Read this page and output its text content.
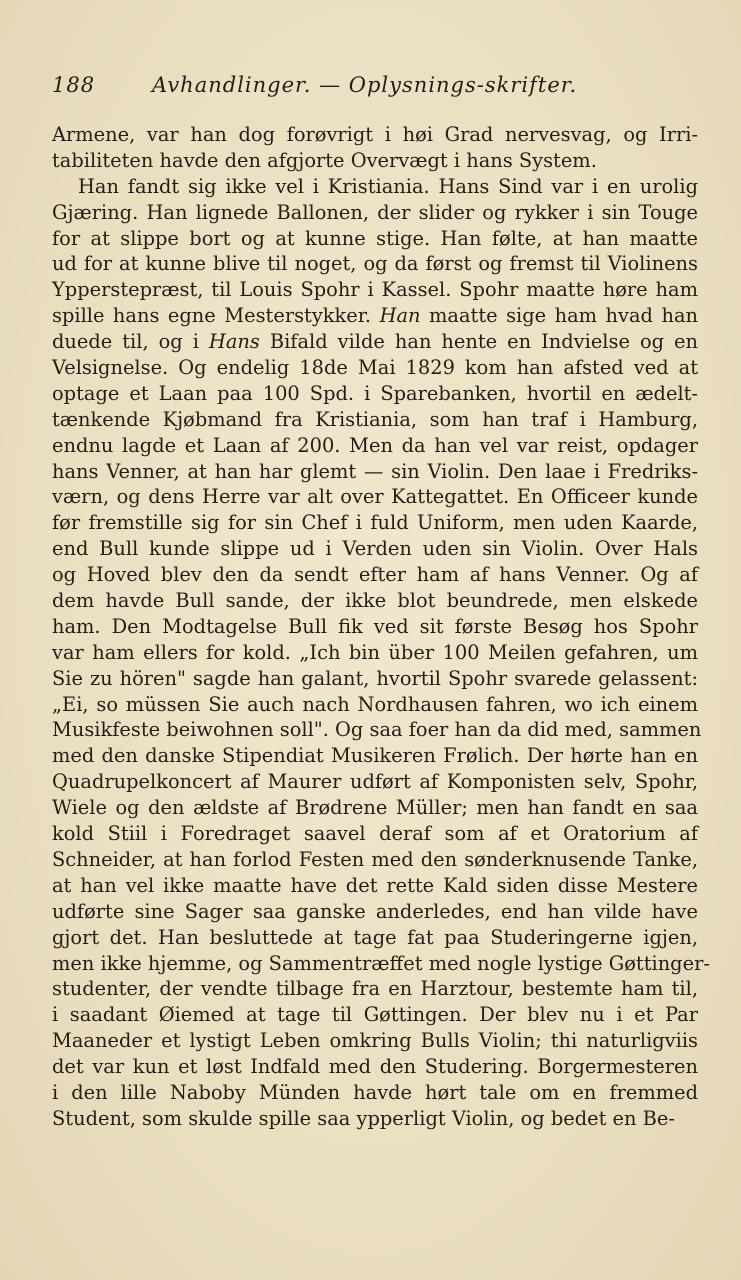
188	Avhandlinger. — Oplysnings-skrifter.
Armene, var han dog forøvrigt i høi Grad nervesvag, og Irri-
tabiliteten havde den afgjorte Overvægt i hans System.
Han fandt sig ikke vel i Kristiania. Hans Sind var i en urolig
Gjæring. Han lignede Ballonen, der slider og rykker i sin Touge
for at slippe bort og at kunne stige. Han følte, at han maatte
ud for at kunne blive til noget, og da først og fremst til Violinens
Ypperstepræst, til Louis Spohr i Kassel. Spohr maatte høre ham
spille hans egne Mesterstykker. Han maatte sige ham hvad han
duede til, og i Hans Bifald vilde han hente en Indvielse og en
Velsignelse. Og endelig 18de Mai 1829 kom han afsted ved at
optage et Laan paa 100 Spd. i Sparebanken, hvortil en ædelt-
tænkende Kjøbmand fra Kristiania, som han traf i Hamburg,
endnu lagde et Laan af 200. Men da han vel var reist, opdager
hans Venner, at han har glemt — sin Violin. Den laae i Fredriks-
værn, og dens Herre var alt over Kattegattet. En Officeer kunde
før fremstille sig for sin Chef i fuld Uniform, men uden Kaarde,
end Bull kunde slippe ud i Verden uden sin Violin. Over Hals
og Hoved blev den da sendt efter ham af hans Venner. Og af
dem havde Bull sande, der ikke blot beundrede, men elskede
ham. Den Modtagelse Bull fik ved sit første Besøg hos Spohr
var ham ellers for kold. „Ich bin über 100 Meilen gefahren, um
Sie zu hören" sagde han galant, hvortil Spohr svarede gelassent:
„Ei, so müssen Sie auch nach Nordhausen fahren, wo ich einem
Musikfeste beiwohnen soll". Og saa foer han da did med, sammen
med den danske Stipendiat Musikeren Frølich. Der hørte han en
Quadrupelkoncert af Maurer udført af Komponisten selv, Spohr,
Wiele og den ældste af Brødrene Müller; men han fandt en saa
kold Stiil i Foredraget saavel deraf som af et Oratorium af
Schneider, at han forlod Festen med den sønderknusende Tanke,
at han vel ikke maatte have det rette Kald siden disse Mestere
udførte sine Sager saa ganske anderledes, end han vilde have
gjort det. Han besluttede at tage fat paa Studeringerne igjen,
men ikke hjemme, og Sammentræffet med nogle lystige Gøttinger-
studenter, der vendte tilbage fra en Harztour, bestemte ham til,
i saadant Øiemed at tage til Gøttingen. Der blev nu i et Par
Maaneder et lystigt Leben omkring Bulls Violin; thi naturligviis
det var kun et løst Indfald med den Studering. Borgermesteren
i den lille Naboby Münden havde hørt tale om en fremmed
Student, som skulde spille saa ypperligt Violin, og bedet en Be-
